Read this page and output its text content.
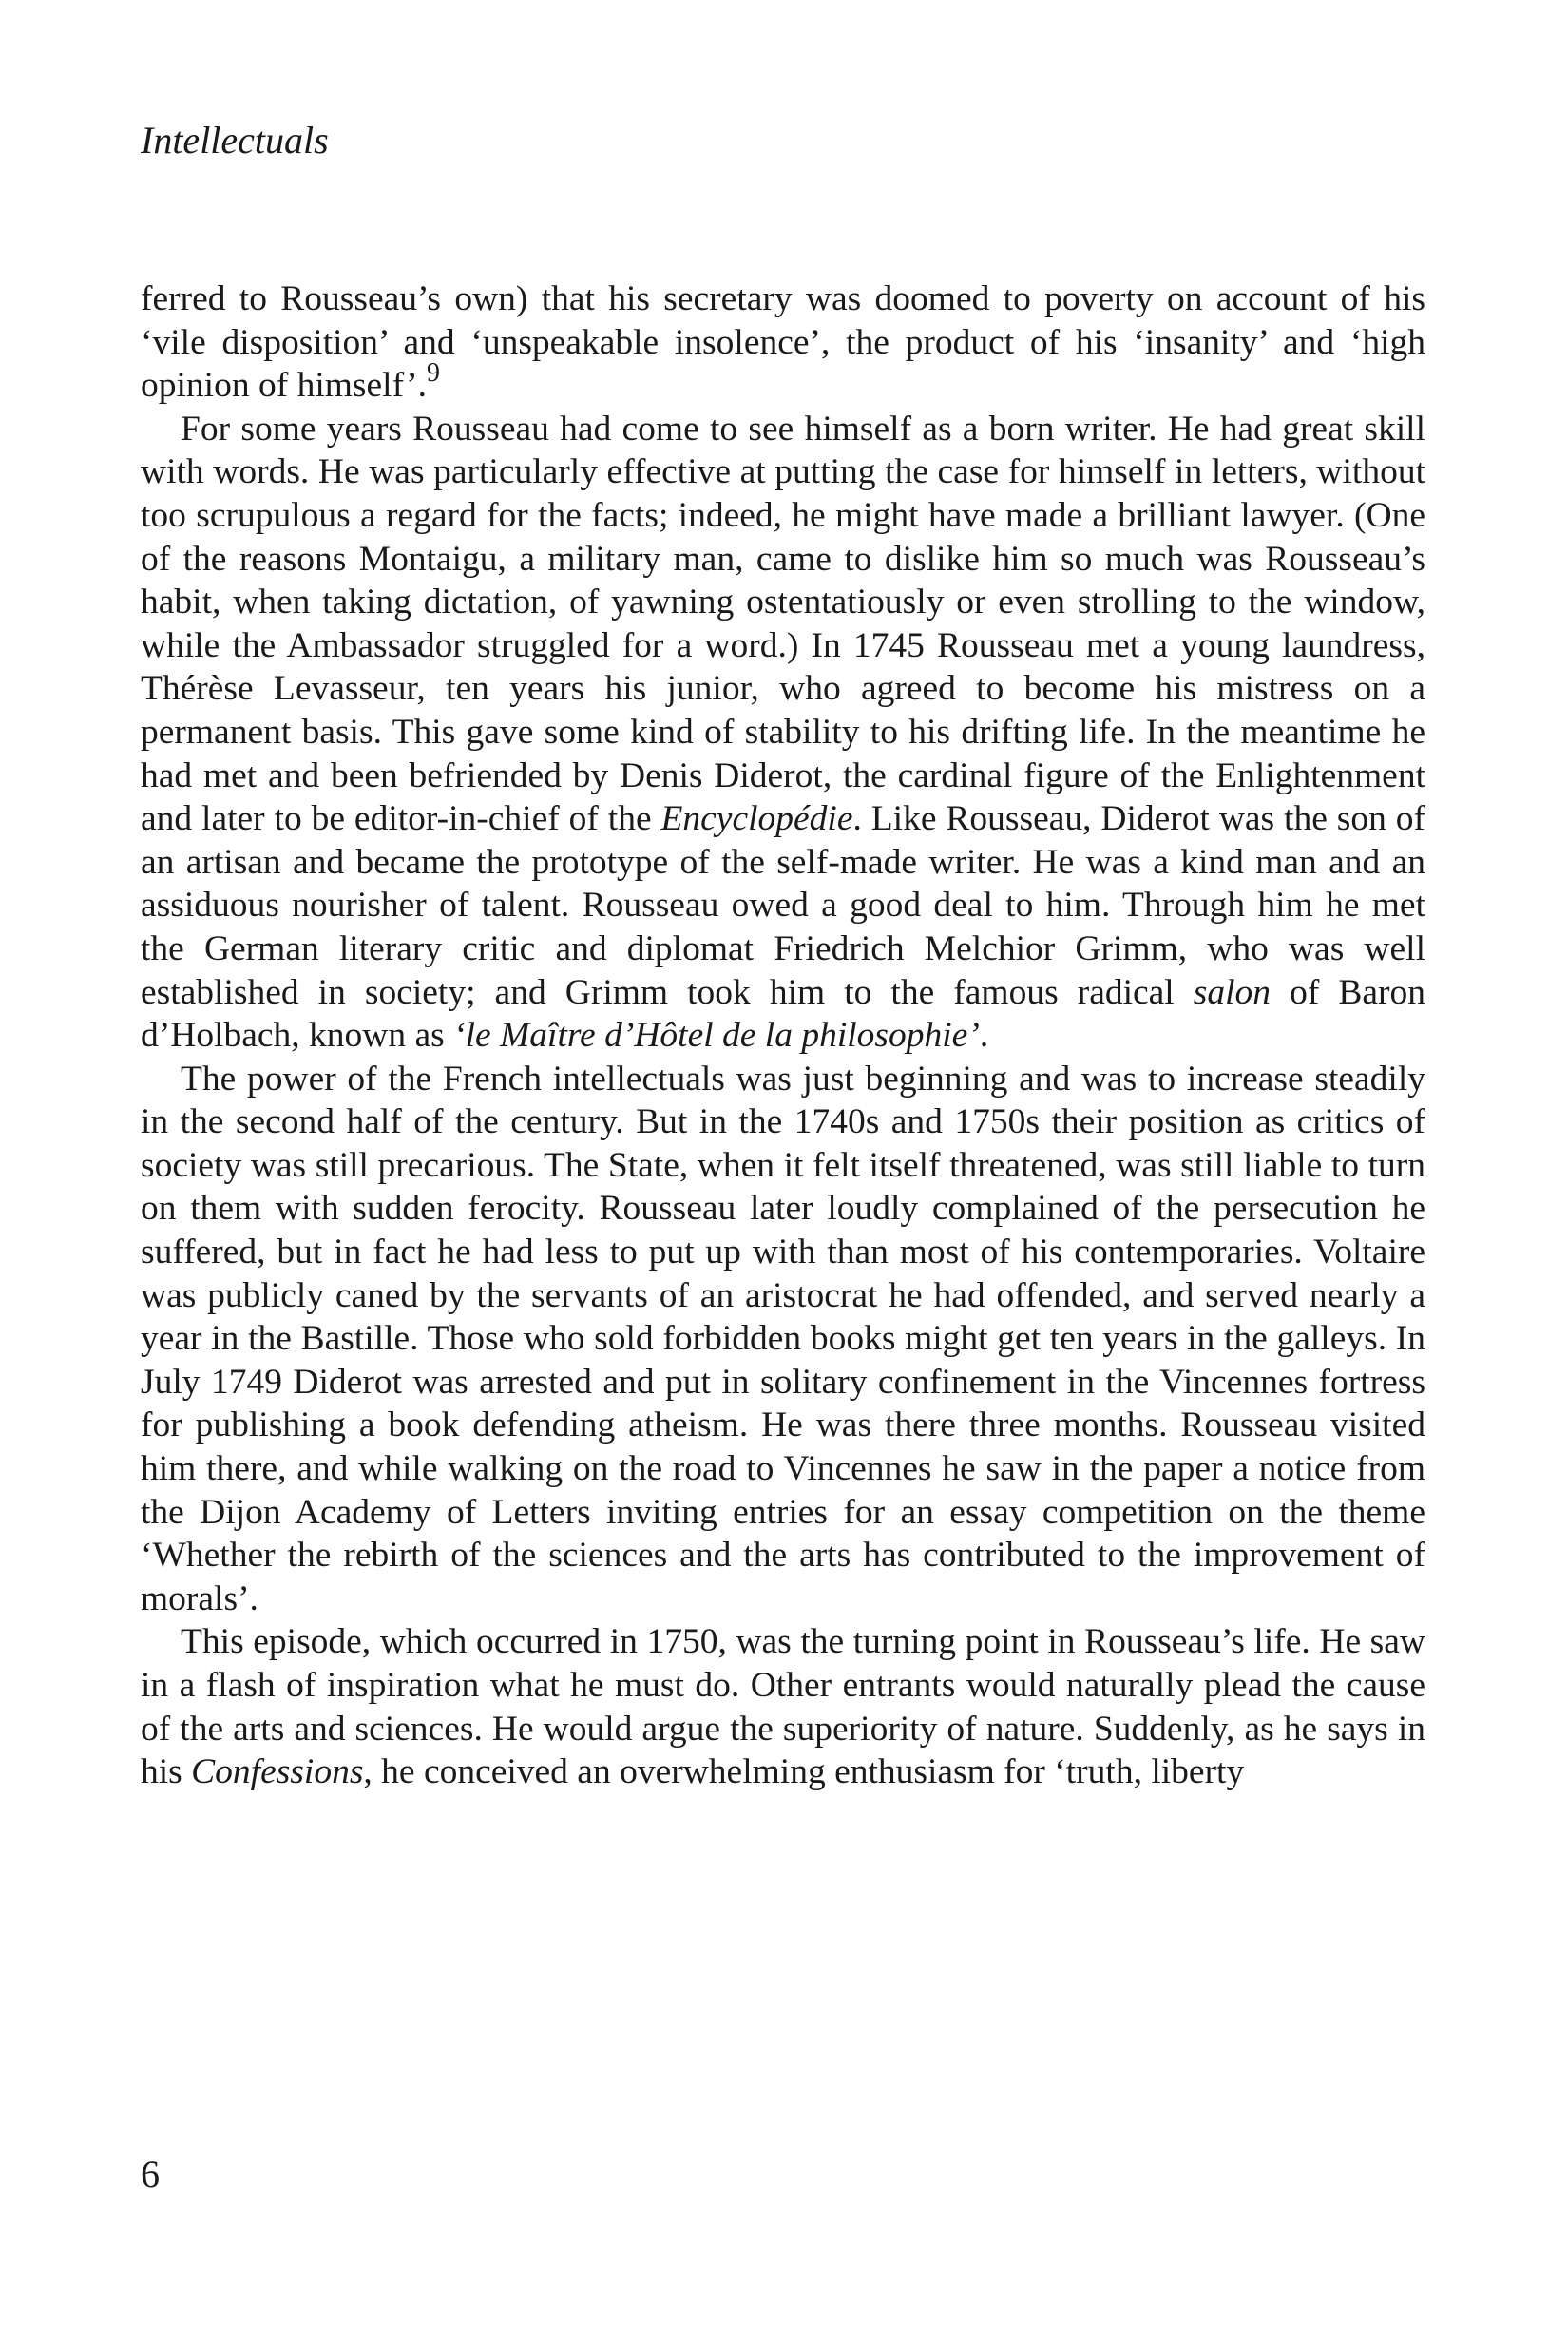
Intellectuals

ferred to Rousseau’s own) that his secretary was doomed to poverty on account of his ‘vile disposition’ and ‘unspeakable insolence’, the product of his ‘insanity’ and ‘high opinion of himself’.$^9$

For some years Rousseau had come to see himself as a born writer. He had great skill with words. He was particularly effective at putting the case for himself in letters, without too scrupulous a regard for the facts; indeed, he might have made a brilliant lawyer. (One of the reasons Montaigu, a military man, came to dislike him so much was Rousseau’s habit, when taking dictation, of yawning ostentatiously or even strolling to the window, while the Ambassador struggled for a word.) In 1745 Rousseau met a young laundress, Thérèse Levasseur, ten years his junior, who agreed to become his mistress on a permanent basis. This gave some kind of stability to his drifting life. In the meantime he had met and been befriended by Denis Diderot, the cardinal figure of the Enlightenment and later to be editor-in-chief of the Encyclopédie. Like Rousseau, Diderot was the son of an artisan and became the prototype of the self-made writer. He was a kind man and an assiduous nourisher of talent. Rousseau owed a good deal to him. Through him he met the German literary critic and diplomat Friedrich Melchior Grimm, who was well established in society; and Grimm took him to the famous radical salon of Baron d’Holbach, known as ‘le Maître d’Hôtel de la philosophie’.

The power of the French intellectuals was just beginning and was to increase steadily in the second half of the century. But in the 1740s and 1750s their position as critics of society was still precarious. The State, when it felt itself threatened, was still liable to turn on them with sudden ferocity. Rousseau later loudly complained of the persecution he suffered, but in fact he had less to put up with than most of his contemporaries. Voltaire was publicly caned by the servants of an aristocrat he had offended, and served nearly a year in the Bastille. Those who sold forbidden books might get ten years in the galleys. In July 1749 Diderot was arrested and put in solitary confinement in the Vincennes fortress for publishing a book defending atheism. He was there three months. Rousseau visited him there, and while walking on the road to Vincennes he saw in the paper a notice from the Dijon Academy of Letters inviting entries for an essay competition on the theme ‘Whether the rebirth of the sciences and the arts has contributed to the improvement of morals’.

This episode, which occurred in 1750, was the turning point in Rousseau’s life. He saw in a flash of inspiration what he must do. Other entrants would naturally plead the cause of the arts and sciences. He would argue the superiority of nature. Suddenly, as he says in his Confessions, he conceived an overwhelming enthusiasm for ‘truth, liberty

6
